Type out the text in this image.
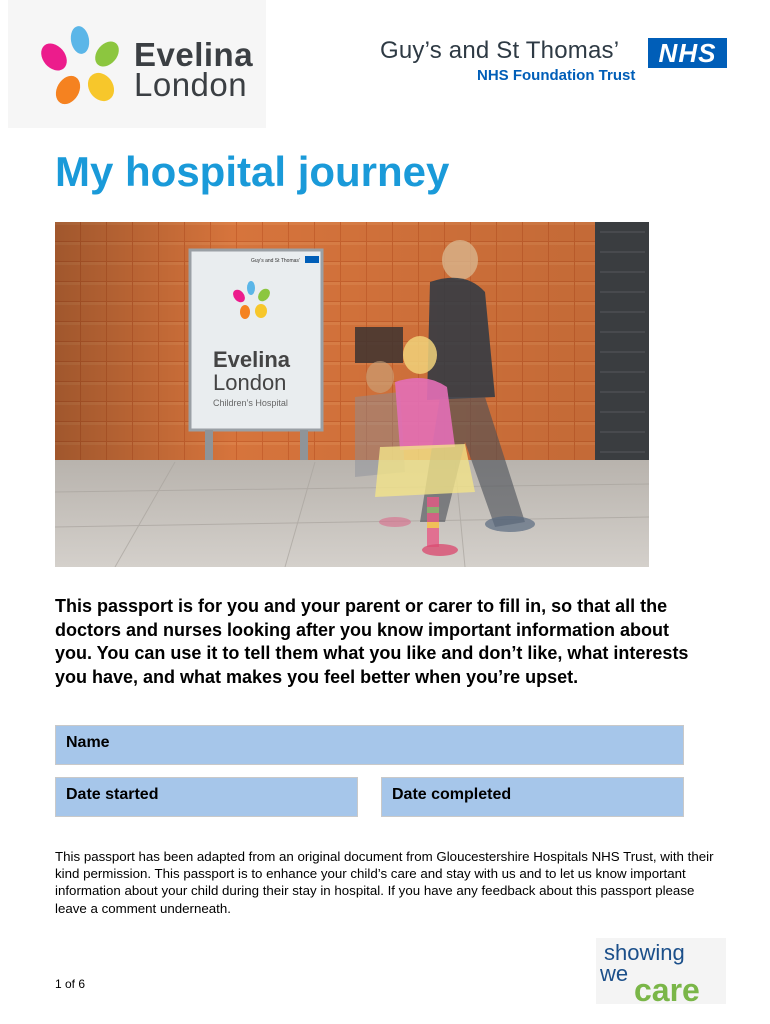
Evelina
London
Guy’s and St Thomas’
NHS Foundation Trust
NHS
My hospital journey
Guy’s and St Thomas’
Evelina
London
Children’s Hospital

This passport is for you and your parent or carer to fill in, so that all the doctors and nurses looking after you know important information about you. You can use it to tell them what you like and don’t like, what interests you have, and what makes you feel better when you’re upset.

Name
Date started	Date completed

This passport has been adapted from an original document from Gloucestershire Hospitals NHS Trust, with their kind permission. This passport is to enhance your child’s care and stay with us and to let us know important information about your child during their stay in hospital. If you have any feedback about this passport please leave a comment underneath.

1 of 6
showing
we care
